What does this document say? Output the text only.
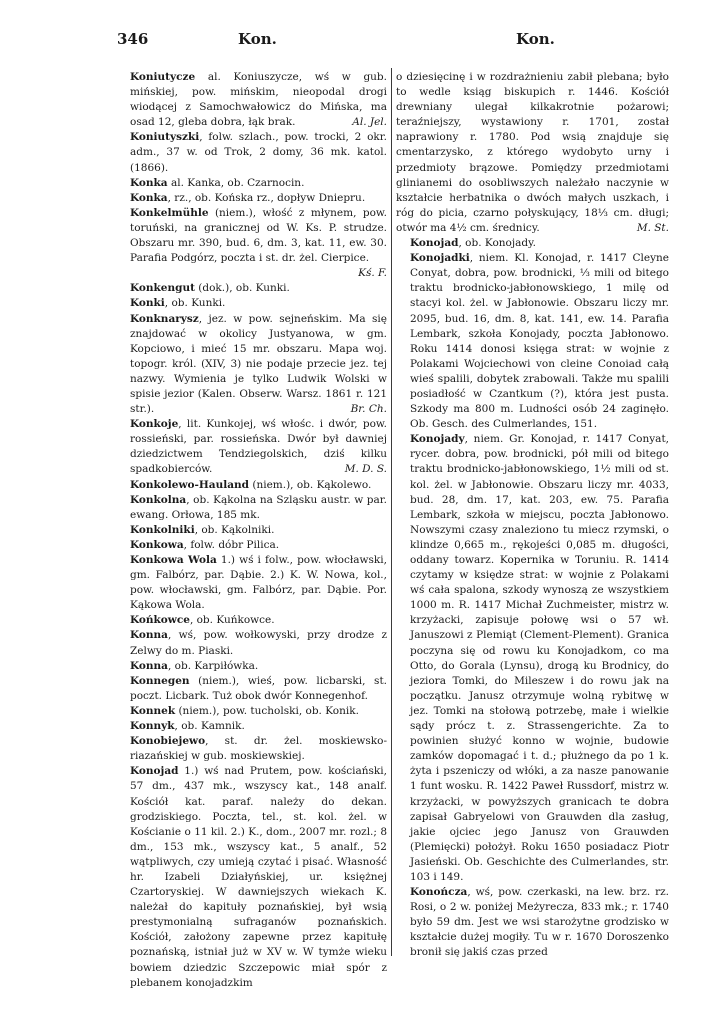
346	Kon.	Kon.

Koniutycze al. Koniuszycze, wś w gub. mińskiej, pow. mińskim, nieopodal drogi wiodącej z Samochwałowicz do Mińska, ma osad 12, gleba dobra, łąk brak.	Al. Jel.

Koniutyszki, folw. szlach., pow. trocki, 2 okr. adm., 37 w. od Trok, 2 domy, 36 mk. katol. (1866).

Konka al. Kanka, ob. Czarnocin.

Konka, rz., ob. Końska rz., dopływ Dniepru.

Konkelmühle (niem.), włość z młynem, pow. toruński, na granicznej od W. Ks. P. strudze. Obszaru mr. 390, bud. 6, dm. 3, kat. 11, ew. 30. Parafia Podgórz, poczta i st. dr. żel. Cierpice.
Kś. F.

Konkengut (dok.), ob. Kunki.

Konki, ob. Kunki.

Konknarysz, jez. w pow. sejneńskim. Ma się znajdować w okolicy Justyanowa, w gm. Kopciowo, i mieć 15 mr. obszaru. Mapa woj. topogr. król. (XIV, 3) nie podaje przecie jez. tej nazwy. Wymienia je tylko Ludwik Wolski w spisie jezior (Kalen. Obserw. Warsz. 1861 r. 121 str.).	Br. Ch.

Konkoje, lit. Kunkojej, wś włośc. i dwór, pow. rossieński, par. rossieńska. Dwór był dawniej dziedzictwem Tendziegolskich, dziś kilku spadkobierców.	M. D. S.

Konkolewo-Hauland (niem.), ob. Kąkolewo.

Konkolna, ob. Kąkolna na Szląsku austr. w par. ewang. Orłowa, 185 mk.

Konkolniki, ob. Kąkolniki.

Konkowa, folw. dóbr Pilica.

Konkowa Wola 1.) wś i folw., pow. włocławski, gm. Falbórz, par. Dąbie. 2.) K. W. Nowa, kol., pow. włocławski, gm. Falbórz, par. Dąbie. Por. Kąkowa Wola.

Końkowce, ob. Kuńkowce.

Konna, wś, pow. wołkowyski, przy drodze z Zelwy do m. Piaski.

Konna, ob. Karpiłówka.

Konnegen (niem.), wieś, pow. licbarski, st. poczt. Licbark. Tuż obok dwór Konnegenhof.

Konnek (niem.), pow. tucholski, ob. Konik.

Konnyk, ob. Kamnik.

Konobiejewo, st. dr. żel. moskiewsko-riazańskiej w gub. moskiewskiej.

Konojad 1.) wś nad Prutem, pow. kościański, 57 dm., 437 mk., wszyscy kat., 148 analf. Kościół kat. paraf. należy do dekan. grodziskiego. Poczta, tel., st. kol. żel. w Kościanie o 11 kil. 2.) K., dom., 2007 mr. rozl.; 8 dm., 153 mk., wszyscy kat., 5 analf., 52 wątpliwych, czy umieją czytać i pisać. Własność hr. Izabeli Działyńskiej, ur. księżnej Czartoryskiej. W dawniejszych wiekach K. należał do kapituły poznańskiej, był wsią prestymonialną sufraganów poznańskich. Kościół, założony zapewne przez kapitułę poznańską, istniał już w XV w. W tymże wieku bowiem dziedzic Szczepowic miał spór z plebanem konojadzkim

o dziesięcinę i w rozdrażnieniu zabił plebana; było to wedle ksiąg biskupich r. 1446. Kościół drewniany ulegał kilkakrotnie pożarowi; teraźniejszy, wystawiony r. 1701, został naprawiony r. 1780. Pod wsią znajduje się cmentarzysko, z którego wydobyto urny i przedmioty brązowe. Pomiędzy przedmiotami glinianemi do osobliwszych należało naczynie w kształcie herbatnika o dwóch małych uszkach, i róg do picia, czarno połyskujący, 18⅓ cm. długi; otwór ma 4½ cm. średnicy.	M. St.

Konojad, ob. Konojady.

Konojadki, niem. Kl. Konojad, r. 1417 Cleyne Conyat, dobra, pow. brodnicki, ⅓ mili od bitego traktu brodnicko-jabłonowskiego, 1 milę od stacyi kol. żel. w Jabłonowie. Obszaru liczy mr. 2095, bud. 16, dm. 8, kat. 141, ew. 14. Parafia Lembark, szkoła Konojady, poczta Jabłonowo. Roku 1414 donosi księga strat: w wojnie z Polakami Wojciechowi von cleine Conoiad całą wieś spalili, dobytek zrabowali. Także mu spalili posiadłość w Czantkum (?), która jest pusta. Szkody ma 800 m. Ludności osób 24 zaginęło. Ob. Gesch. des Culmerlandes, 151.

Konojady, niem. Gr. Konojad, r. 1417 Conyat, rycer. dobra, pow. brodnicki, pół mili od bitego traktu brodnicko-jabłonowskiego, 1½ mili od st. kol. żel. w Jabłonowie. Obszaru liczy mr. 4033, bud. 28, dm. 17, kat. 203, ew. 75. Parafia Lembark, szkoła w miejscu, poczta Jabłonowo. Nowszymi czasy znaleziono tu miecz rzymski, o klindze 0,665 m., rękojeści 0,085 m. długości, oddany towarz. Kopernika w Toruniu. R. 1414 czytamy w księdze strat: w wojnie z Polakami wś cała spalona, szkody wynoszą ze wszystkiem 1000 m. R. 1417 Michał Zuchmeister, mistrz w. krzyżacki, zapisuje połowę wsi o 57 wł. Januszowi z Plemiąt (Clement-Plement). Granica poczyna się od rowu ku Konojadkom, co ma Otto, do Gorala (Lynsu), drogą ku Brodnicy, do jeziora Tomki, do Mileszew i do rowu jak na początku. Janusz otrzymuje wolną rybitwę w jez. Tomki na stołową potrzebę, małe i wielkie sądy prócz t. z. Strassengerichte. Za to powinien służyć konno w wojnie, budowie zamków dopomagać i t. d.; płużnego da po 1 k. żyta i pszeniczy od włóki, a za nasze panowanie 1 funt wosku. R. 1422 Paweł Russdorf, mistrz w. krzyżacki, w powyższych granicach te dobra zapisał Gabryelowi von Grauwden dla zasług, jakie ojciec jego Janusz von Grauwden (Plemięcki) położył. Roku 1650 posiadacz Piotr Jasieński. Ob. Geschichte des Culmerlandes, str. 103 i 149.

Konończa, wś, pow. czerkaski, na lew. brz. rz. Rosi, o 2 w. poniżej Meżyrecza, 833 mk.; r. 1740 było 59 dm. Jest we wsi starożytne grodzisko w kształcie dużej mogiły. Tu w r. 1670 Doroszenko bronił się jakiś czas przed
